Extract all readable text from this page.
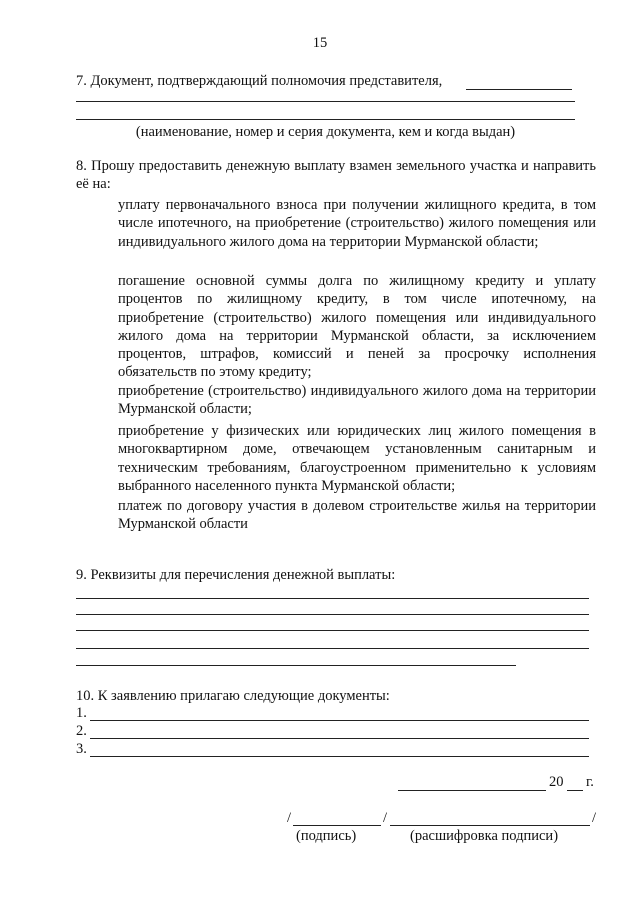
15
7. Документ, подтверждающий полномочия представителя,
(наименование, номер и серия документа, кем и когда выдан)
8. Прошу предоставить денежную выплату взамен земельного участка и направить её на:
уплату первоначального взноса при получении жилищного кредита, в том числе ипотечного, на приобретение (строительство) жилого помещения или индивидуального жилого дома на территории Мурманской области;
погашение основной суммы долга по жилищному кредиту и уплату процентов по жилищному кредиту, в том числе ипотечному, на приобретение (строительство) жилого помещения или индивидуального жилого дома на территории Мурманской области, за исключением процентов, штрафов, комиссий и пеней за просрочку исполнения обязательств по этому кредиту;
приобретение (строительство) индивидуального жилого дома на территории Мурманской области;
приобретение у физических или юридических лиц жилого помещения в многоквартирном доме, отвечающем установленным санитарным и техническим требованиям, благоустроенном применительно к условиям выбранного населенного пункта Мурманской области;
платеж по договору участия в долевом строительстве жилья на территории Мурманской области
9. Реквизиты для перечисления денежной выплаты:
10. К заявлению прилагаю следующие документы:
1.
2.
3.
20 г.
/	/	/
(подпись)	(расшифровка подписи)
